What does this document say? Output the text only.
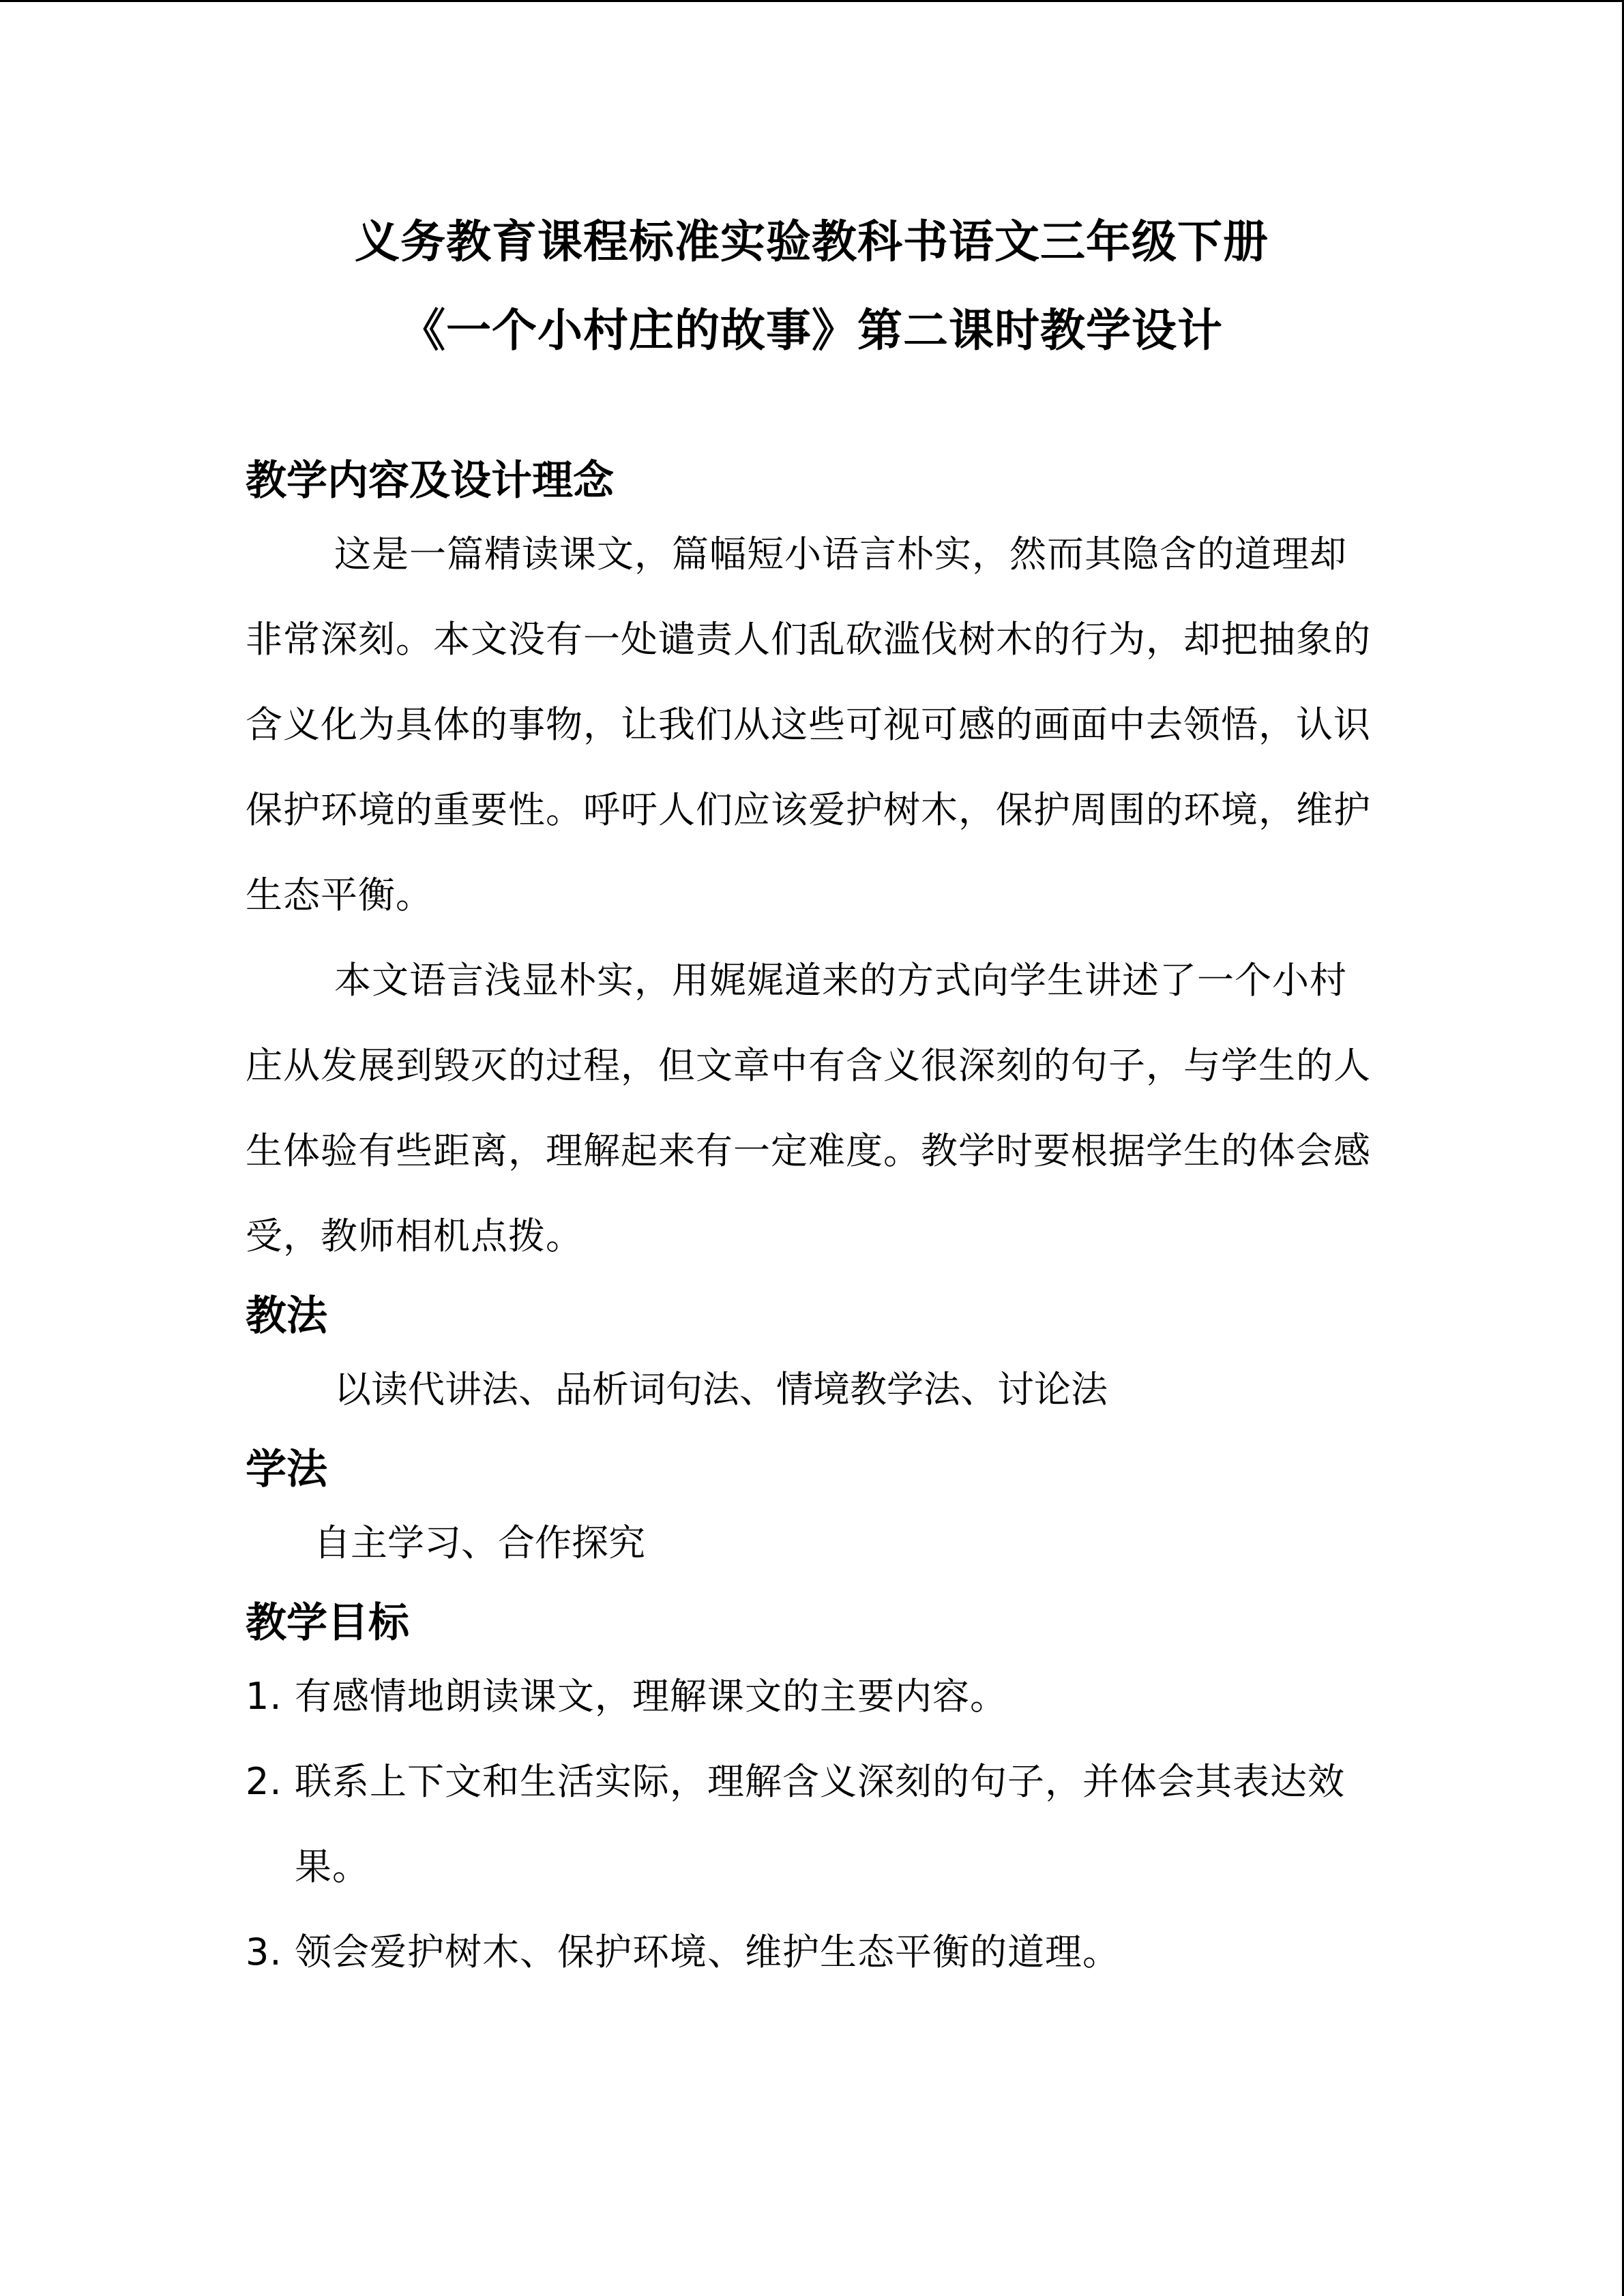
义务教育课程标准实验教科书语文三年级下册
《一个小村庄的故事》第二课时教学设计
教学内容及设计理念

这是一篇精读课文，篇幅短小语言朴实，然而其隐含的道理却非常深刻。本文没有一处谴责人们乱砍滥伐树木的行为，却把抽象的含义化为具体的事物，让我们从这些可视可感的画面中去领悟，认识保护环境的重要性。呼吁人们应该爱护树木，保护周围的环境，维护生态平衡。

本文语言浅显朴实，用娓娓道来的方式向学生讲述了一个小村庄从发展到毁灭的过程，但文章中有含义很深刻的句子，与学生的人生体验有些距离，理解起来有一定难度。教学时要根据学生的体会感受，教师相机点拨。

教法

以读代讲法、品析词句法、情境教学法、讨论法

学法

自主学习、合作探究

教学目标
1. 有感情地朗读课文，理解课文的主要内容。
2. 联系上下文和生活实际，理解含义深刻的句子，并体会其表达效果。
3. 领会爱护树木、保护环境、维护生态平衡的道理。
